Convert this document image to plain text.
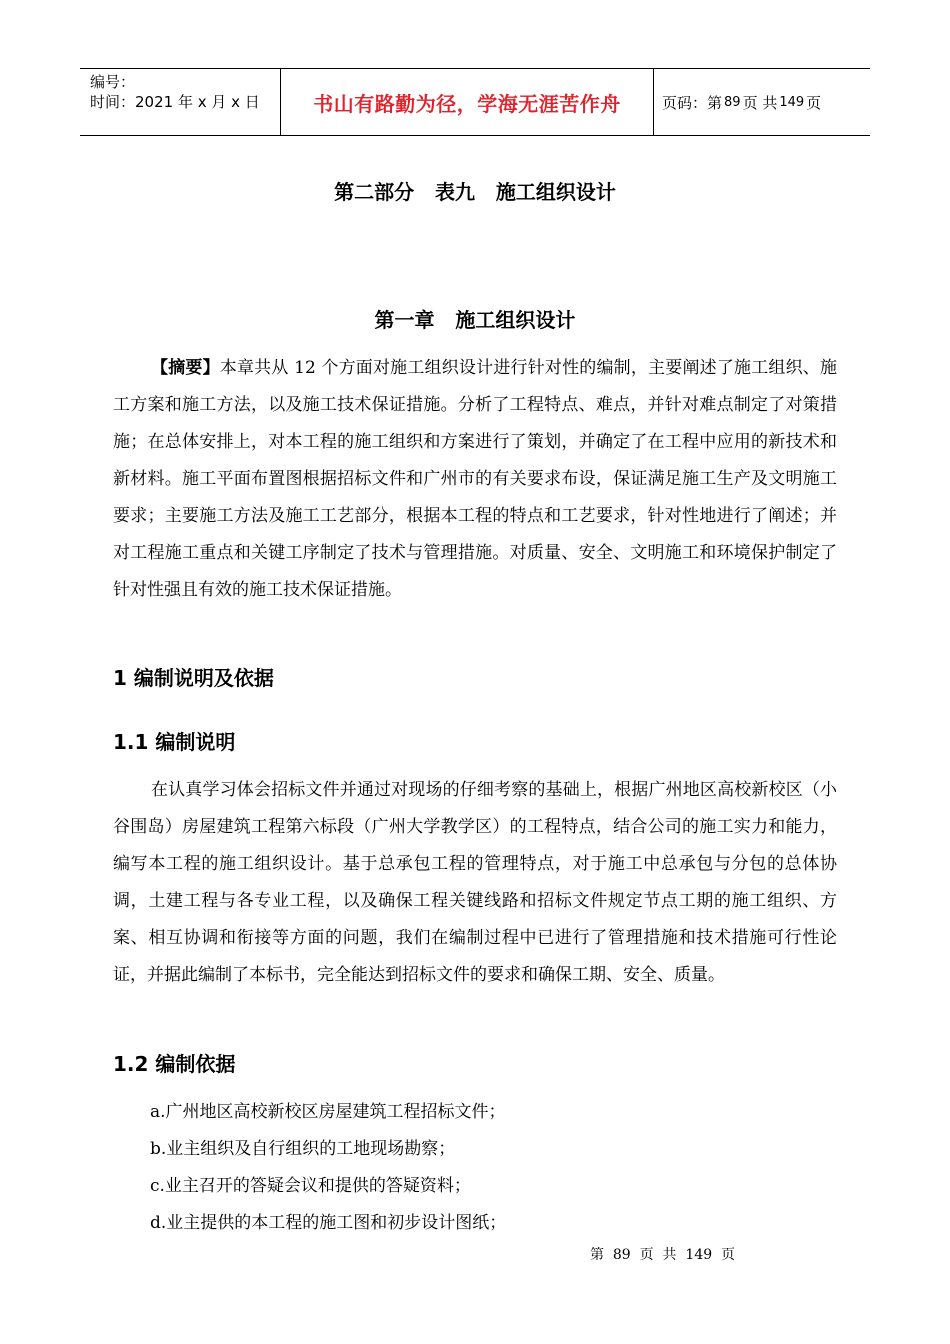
编号：
时间：2021 年 x 月 x 日	书山有路勤为径，学海无涯苦作舟	页码：第 89 页 共 149 页
第二部分   表九   施工组织设计
第一章   施工组织设计

【摘要】本章共从 12 个方面对施工组织设计进行针对性的编制，主要阐述了施工组织、施工方案和施工方法，以及施工技术保证措施。分析了工程特点、难点，并针对难点制定了对策措施；在总体安排上，对本工程的施工组织和方案进行了策划，并确定了在工程中应用的新技术和新材料。施工平面布置图根据招标文件和广州市的有关要求布设，保证满足施工生产及文明施工要求；主要施工方法及施工工艺部分，根据本工程的特点和工艺要求，针对性地进行了阐述；并对工程施工重点和关键工序制定了技术与管理措施。对质量、安全、文明施工和环境保护制定了针对性强且有效的施工技术保证措施。

1 编制说明及依据
1.1 编制说明

在认真学习体会招标文件并通过对现场的仔细考察的基础上，根据广州地区高校新校区（小谷围岛）房屋建筑工程第六标段（广州大学教学区）的工程特点，结合公司的施工实力和能力，编写本工程的施工组织设计。基于总承包工程的管理特点，对于施工中总承包与分包的总体协调，土建工程与各专业工程，以及确保工程关键线路和招标文件规定节点工期的施工组织、方案、相互协调和衔接等方面的问题，我们在编制过程中已进行了管理措施和技术措施可行性论证，并据此编制了本标书，完全能达到招标文件的要求和确保工期、安全、质量。

1.2 编制依据
a.广州地区高校新校区房屋建筑工程招标文件；
b.业主组织及自行组织的工地现场勘察；
c.业主召开的答疑会议和提供的答疑资料；
d.业主提供的本工程的施工图和初步设计图纸；
第  89  页  共  149  页
